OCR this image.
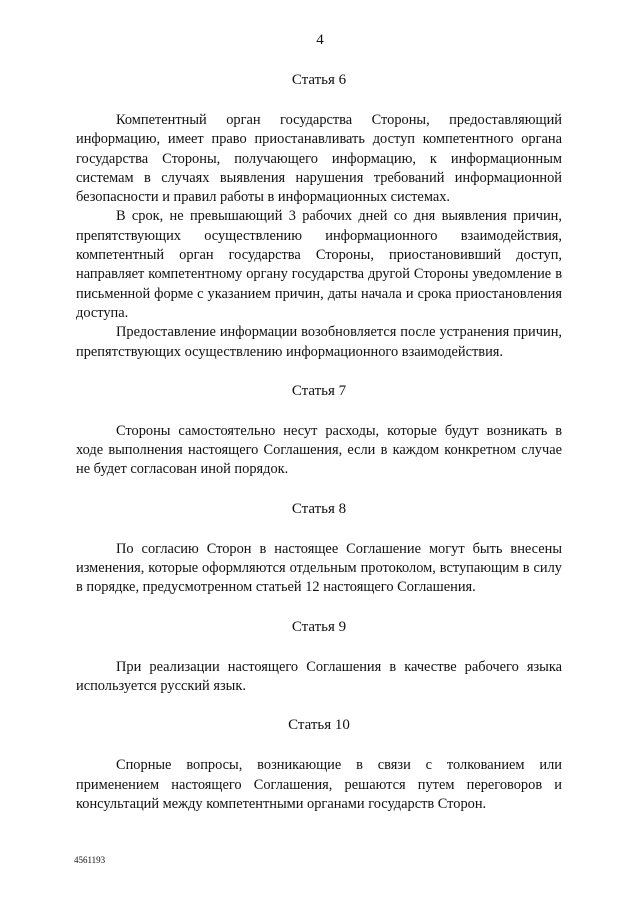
4
Статья 6

Компетентный орган государства Стороны, предоставляющий информацию, имеет право приостанавливать доступ компетентного органа государства Стороны, получающего информацию, к информационным системам в случаях выявления нарушения требований информационной безопасности и правил работы в информационных системах.

В срок, не превышающий 3 рабочих дней со дня выявления причин, препятствующих осуществлению информационного взаимодействия, компетентный орган государства Стороны, приостановивший доступ, направляет компетентному органу государства другой Стороны уведомление в письменной форме с указанием причин, даты начала и срока приостановления доступа.

Предоставление информации возобновляется после устранения причин, препятствующих осуществлению информационного взаимодействия.

Статья 7

Стороны самостоятельно несут расходы, которые будут возникать в ходе выполнения настоящего Соглашения, если в каждом конкретном случае не будет согласован иной порядок.

Статья 8

По согласию Сторон в настоящее Соглашение могут быть внесены изменения, которые оформляются отдельным протоколом, вступающим в силу в порядке, предусмотренном статьей 12 настоящего Соглашения.

Статья 9

При реализации настоящего Соглашения в качестве рабочего языка используется русский язык.

Статья 10

Спорные вопросы, возникающие в связи с толкованием или применением настоящего Соглашения, решаются путем переговоров и консультаций между компетентными органами государств Сторон.

4561193
